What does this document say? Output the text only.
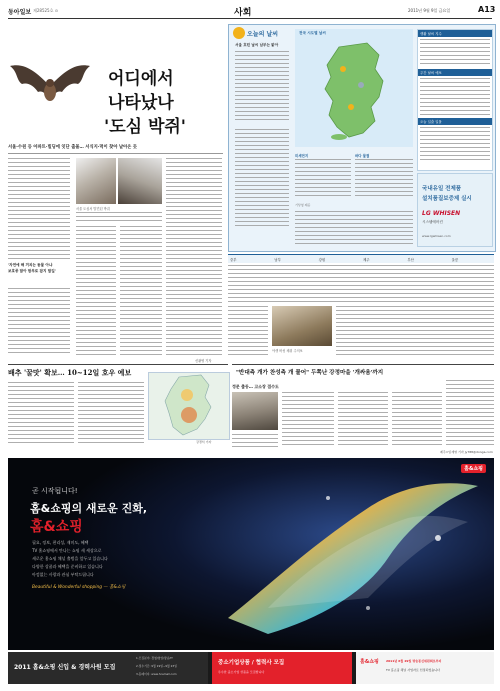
동아일보 제28525호 ⊙	사회	2011년 9월 9일 금요일	A13
어디에서
나타났나
'도심 박쥐'
서울·수원 등 아파트·빌딩에 잇단 출몰… 서식지·먹이 찾아 날아온 듯
'자연에 해 끼치는 동물 아냐
보호종 많아 함부로 잡지 말길'
서울 도심서 발견된 박쥐
신광영 기자
오늘의 날씨
서울 흐린 날씨 남부는 맑아
전국 시도별 날씨	생활 날씨 지수
주간 날씨 예보
오늘 일출 일몰
미세먼지	바다 물결
기상청 제공
국내유일 전제품
설치품질보증제 실시
LG WHISEN
시스템에어컨
www.lgwhisen.com
중부	남부	강원	제주	부산	울릉
야생 버섯 채취 주의보
배추 '꿀맛' 확보… 10~12일 호우 예보
강경석 기자
"반대측 개가 찬성측 개 물어" 두쪽난 강정마을 '개싸움'까지
정문 출동… 고소장 접수도
제주=임재영 기자 jy788@donga.com
홈&쇼핑
곧 시작됩니다!
홈&쇼핑의 새로운 진화,
홈&쇼핑
필요, 정보, 편리성, 재미도, 혜택
TV 홈쇼핑에서 만나는 쇼핑 새 세상으로
새로운 홈쇼핑 채널 출범을 앞두고 있습니다
다양한 상품과 혜택을 준비하고 있습니다
아낌없는 사랑과 관심 부탁드립니다
Beautiful & Wonderful shopping — 홈&쇼핑
2011 홈&쇼핑 신입 & 경력사원 모집
1.모집분야: 경영/영업/방송/IT
2.접수기간: 9월 19일~9월 23일
3.홈페이지: www.hnsmall.com
중소기업상품 / 협력사 모집
우수한 중소기업 상품을 모집합니다
홈&쇼핑 2011년 6월 29일 방송통신위원회로부터
TV 홈쇼핑 채널 사업자로 선정되었습니다
